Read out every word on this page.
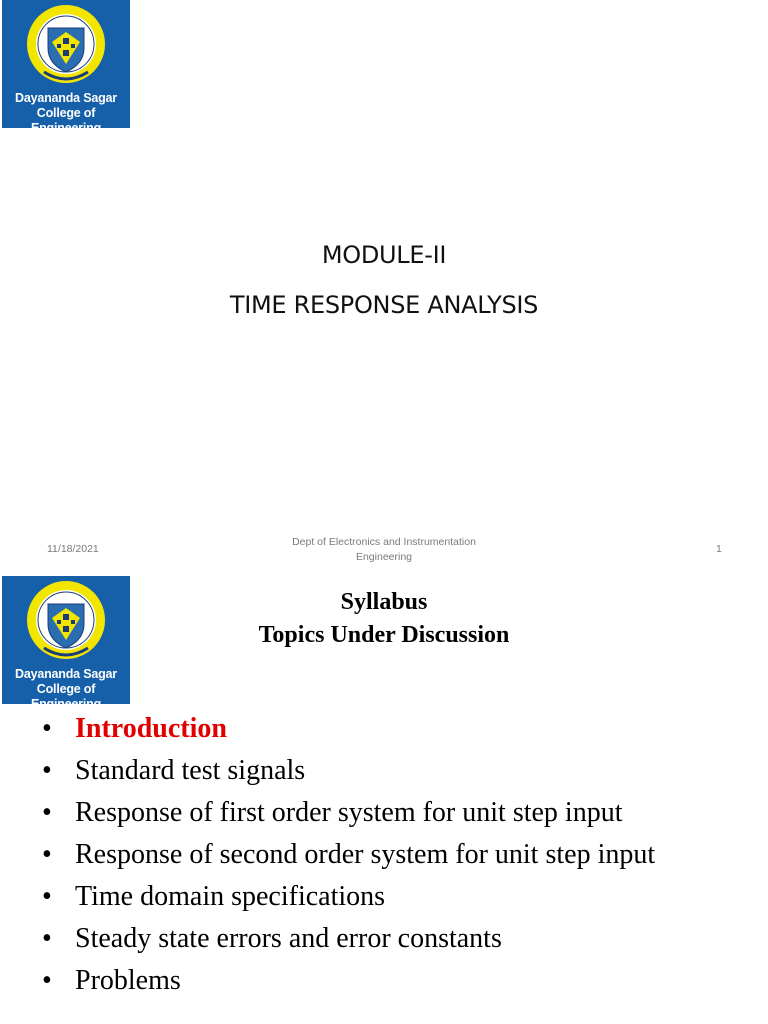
Dayananda Sagar
College of Engineering
MODULE-II
TIME RESPONSE ANALYSIS
11/18/2021
Dept of Electronics and Instrumentation
Engineering
1
Dayananda Sagar
College of Engineering
Syllabus
Topics Under Discussion
• Introduction
• Standard test signals
• Response of first order system for unit step input
• Response of second order system for unit step input
• Time domain specifications
• Steady state errors and error constants
• Problems
